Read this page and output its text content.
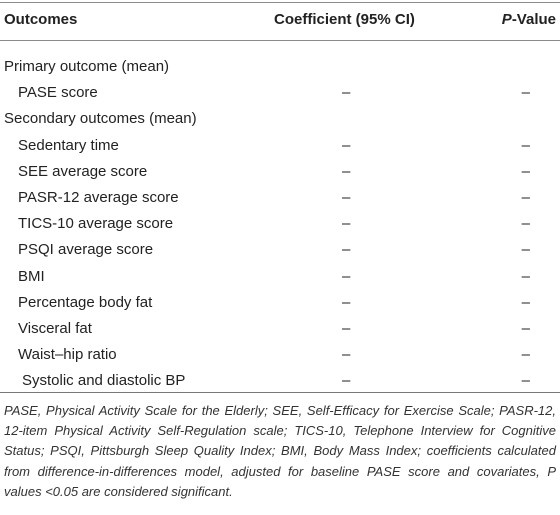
Outcomes	Coefficient (95% CI)	P-Value
Primary outcome (mean)
PASE score	–	–
Secondary outcomes (mean)
Sedentary time	–	–
SEE average score	–	–
PASR-12 average score	–	–
TICS-10 average score	–	–
PSQI average score	–	–
BMI	–	–
Percentage body fat	–	–
Visceral fat	–	–
Waist–hip ratio	–	–
Systolic and diastolic BP	–	–
PASE, Physical Activity Scale for the Elderly; SEE, Self-Efficacy for Exercise Scale; PASR-12, 12-item Physical Activity Self-Regulation scale; TICS-10, Telephone Interview for Cognitive Status; PSQI, Pittsburgh Sleep Quality Index; BMI, Body Mass Index; coefficients calculated from difference-in-differences model, adjusted for baseline PASE score and covariates, P values <0.05 are considered significant.
